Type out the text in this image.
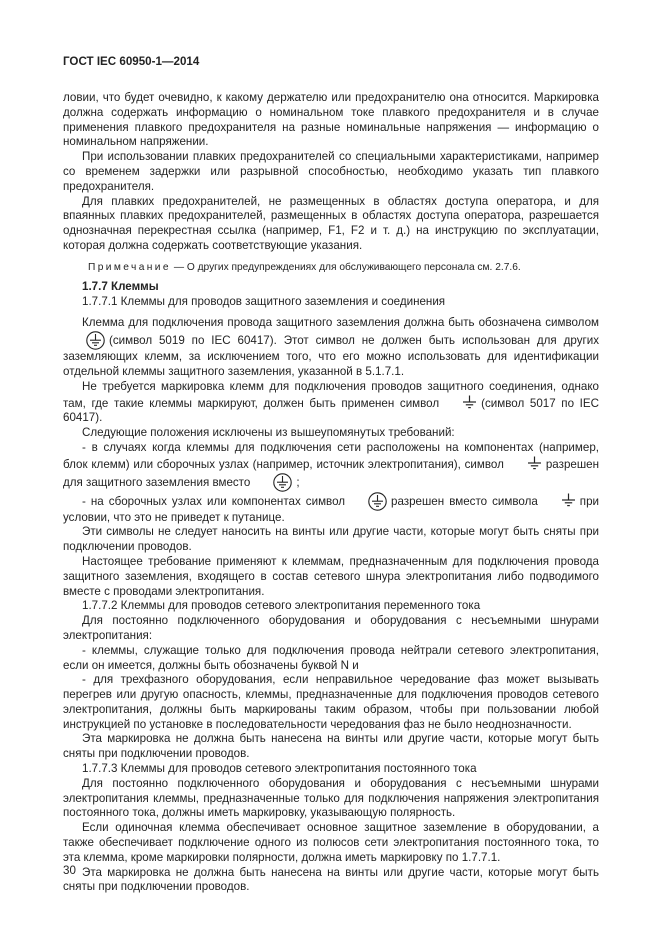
ГОСТ IEC 60950-1—2014

ловии, что будет очевидно, к какому держателю или предохранителю она относится. Маркировка должна содержать информацию о номинальном токе плавкого предохранителя и в случае применения плавкого предохранителя на разные номинальные напряжения — информацию о номинальном напряжении.

При использовании плавких предохранителей со специальными характеристиками, например со временем задержки или разрывной способностью, необходимо указать тип плавкого предохранителя.

Для плавких предохранителей, не размещенных в областях доступа оператора, и для впаянных плавких предохранителей, размещенных в областях доступа оператора, разрешается однозначная перекрестная ссылка (например, F1, F2 и т. д.) на инструкцию по эксплуатации, которая должна содержать соответствующие указания.

Примечание — О других предупреждениях для обслуживающего персонала см. 2.7.6.

1.7.7 Клеммы

1.7.7.1 Клеммы для проводов защитного заземления и соединения

Клемма для подключения провода защитного заземления должна быть обозначена символом(символ 5019 по IEC 60417). Этот символ не должен быть использован для других заземляющих клемм, за исключением того, что его можно использовать для идентификации отдельной клеммы защитного заземления, указанной в 5.1.7.1.

Не требуется маркировка клемм для подключения проводов защитного соединения, однако там, где такие клеммы маркируют, должен быть применен символ	(символ 5017 по IEC 60417).

Следующие положения исключены из вышеупомянутых требований:

- в случаях когда клеммы для подключения сети расположены на компонентах (например, блок клемм) или сборочных узлах (например, источник электропитания), символ	разрешен для защитного заземления вместо	;

- на сборочных узлах или компонентах символ	разрешен вместо символа	при условии, что это не приведет к путанице.

Эти символы не следует наносить на винты или другие части, которые могут быть сняты при подключении проводов.

Настоящее требование применяют к клеммам, предназначенным для подключения провода защитного заземления, входящего в состав сетевого шнура электропитания либо подводимого вместе с проводами электропитания.

1.7.7.2 Клеммы для проводов сетевого электропитания переменного тока

Для постоянно подключенного оборудования и оборудования с несъемными шнурами электропитания:

- клеммы, служащие только для подключения провода нейтрали сетевого электропитания, если он имеется, должны быть обозначены буквой N и

- для трехфазного оборудования, если неправильное чередование фаз может вызывать перегрев или другую опасность, клеммы, предназначенные для подключения проводов сетевого электропитания, должны быть маркированы таким образом, чтобы при пользовании любой инструкцией по установке в последовательности чередования фаз не было неоднозначности.

Эта маркировка не должна быть нанесена на винты или другие части, которые могут быть сняты при подключении проводов.

1.7.7.3 Клеммы для проводов сетевого электропитания постоянного тока

Для постоянно подключенного оборудования и оборудования с несъемными шнурами электропитания клеммы, предназначенные только для подключения напряжения электропитания постоянного тока, должны иметь маркировку, указывающую полярность.

Если одиночная клемма обеспечивает основное защитное заземление в оборудовании, а также обеспечивает подключение одного из полюсов сети электропитания постоянного тока, то эта клемма, кроме маркировки полярности, должна иметь маркировку по 1.7.7.1.

Эта маркировка не должна быть нанесена на винты или другие части, которые могут быть сняты при подключении проводов.

30
